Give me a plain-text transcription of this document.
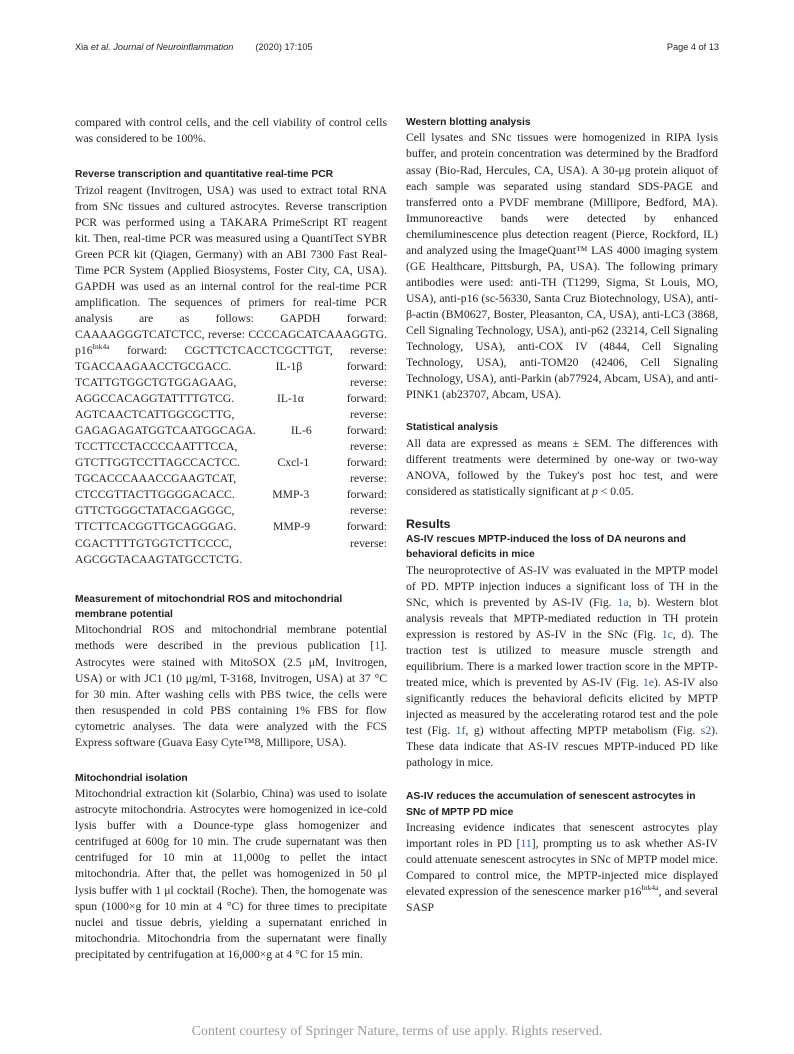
Xia et al. Journal of Neuroinflammation (2020) 17:105	Page 4 of 13

compared with control cells, and the cell viability of control cells was considered to be 100%.

Reverse transcription and quantitative real-time PCR

Trizol reagent (Invitrogen, USA) was used to extract total RNA from SNc tissues and cultured astrocytes. Reverse transcription PCR was performed using a TAKARA PrimeScript RT reagent kit. Then, real-time PCR was measured using a QuantiTect SYBR Green PCR kit (Qiagen, Germany) with an ABI 7300 Fast Real-Time PCR System (Applied Biosystems, Foster City, CA, USA). GAPDH was used as an internal control for the real-time PCR amplification. The sequences of primers for real-time PCR analysis are as follows: GAPDH forward: CAAAAGGGTCATCTCC, reverse: CCCCAGCATCAAAGGTG. $p16^{Ink4a}$ forward: CGCTTCTCACCTCGCTTGT, reverse: TGACCAAGAACCTGCGACC. IL-1β forward: TCATTGTGGCTGTGGAGAAG, reverse: AGGCCACAGGTATTTTGTCG. IL-1α forward: AGTCAACTCATTGGCGCTTG, reverse: GAGAGAGATGGTCAATGGCAGA. IL-6 forward: TCCTTCCTACCCCAATTTCCA, reverse: GTCTTGGTCCTTAGCCACTCC. Cxcl-1 forward: TGCACCCAAACCGAAGTCAT, reverse: CTCCGTTACTTGGGGACACC. MMP-3 forward: GTTCTGGGCTATACGAGGGC, reverse: TTCTTCACGGTTGCAGGGAG. MMP-9 forward: CGACTTTTGTGGTCTTCCCC, reverse: AGCGGTACAAGTATGCCTCTG.

Measurement of mitochondrial ROS and mitochondrial membrane potential

Mitochondrial ROS and mitochondrial membrane potential methods were described in the previous publication [1]. Astrocytes were stained with MitoSOX (2.5 μM, Invitrogen, USA) or with JC1 (10 μg/ml, T-3168, Invitrogen, USA) at 37 °C for 30 min. After washing cells with PBS twice, the cells were then resuspended in cold PBS containing 1% FBS for flow cytometric analyses. The data were analyzed with the FCS Express software (Guava Easy Cyte™8, Millipore, USA).

Mitochondrial isolation

Mitochondrial extraction kit (Solarbio, China) was used to isolate astrocyte mitochondria. Astrocytes were homogenized in ice-cold lysis buffer with a Dounce-type glass homogenizer and centrifuged at 600g for 10 min. The crude supernatant was then centrifuged for 10 min at 11,000g to pellet the intact mitochondria. After that, the pellet was homogenized in 50 μl lysis buffer with 1 μl cocktail (Roche). Then, the homogenate was spun (1000×g for 10 min at 4 °C) for three times to precipitate nuclei and tissue debris, yielding a supernatant enriched in mitochondria. Mitochondria from the supernatant were finally precipitated by centrifugation at 16,000×g at 4 °C for 15 min.

Western blotting analysis

Cell lysates and SNc tissues were homogenized in RIPA lysis buffer, and protein concentration was determined by the Bradford assay (Bio-Rad, Hercules, CA, USA). A 30-μg protein aliquot of each sample was separated using standard SDS-PAGE and transferred onto a PVDF membrane (Millipore, Bedford, MA). Immunoreactive bands were detected by enhanced chemiluminescence plus detection reagent (Pierce, Rockford, IL) and analyzed using the ImageQuant™ LAS 4000 imaging system (GE Healthcare, Pittsburgh, PA, USA). The following primary antibodies were used: anti-TH (T1299, Sigma, St Louis, MO, USA), anti-p16 (sc-56330, Santa Cruz Biotechnology, USA), anti-β-actin (BM0627, Boster, Pleasanton, CA, USA), anti-LC3 (3868, Cell Signaling Technology, USA), anti-p62 (23214, Cell Signaling Technology, USA), anti-COX IV (4844, Cell Signaling Technology, USA), anti-TOM20 (42406, Cell Signaling Technology, USA), anti-Parkin (ab77924, Abcam, USA), and anti-PINK1 (ab23707, Abcam, USA).

Statistical analysis

All data are expressed as means ± SEM. The differences with different treatments were determined by one-way or two-way ANOVA, followed by the Tukey's post hoc test, and were considered as statistically significant at p < 0.05.

Results
AS-IV rescues MPTP-induced the loss of DA neurons and behavioral deficits in mice

The neuroprotective of AS-IV was evaluated in the MPTP model of PD. MPTP injection induces a significant loss of TH in the SNc, which is prevented by AS-IV (Fig. 1a, b). Western blot analysis reveals that MPTP-mediated reduction in TH protein expression is restored by AS-IV in the SNc (Fig. 1c, d). The traction test is utilized to measure muscle strength and equilibrium. There is a marked lower traction score in the MPTP-treated mice, which is prevented by AS-IV (Fig. 1e). AS-IV also significantly reduces the behavioral deficits elicited by MPTP injected as measured by the accelerating rotarod test and the pole test (Fig. 1f, g) without affecting MPTP metabolism (Fig. s2). These data indicate that AS-IV rescues MPTP-induced PD like pathology in mice.

AS-IV reduces the accumulation of senescent astrocytes in SNc of MPTP PD mice

Increasing evidence indicates that senescent astrocytes play important roles in PD [11], prompting us to ask whether AS-IV could attenuate senescent astrocytes in SNc of MPTP model mice. Compared to control mice, the MPTP-injected mice displayed elevated expression of the senescence marker $p16^{Ink4a}$, and several SASP

Content courtesy of Springer Nature, terms of use apply. Rights reserved.
